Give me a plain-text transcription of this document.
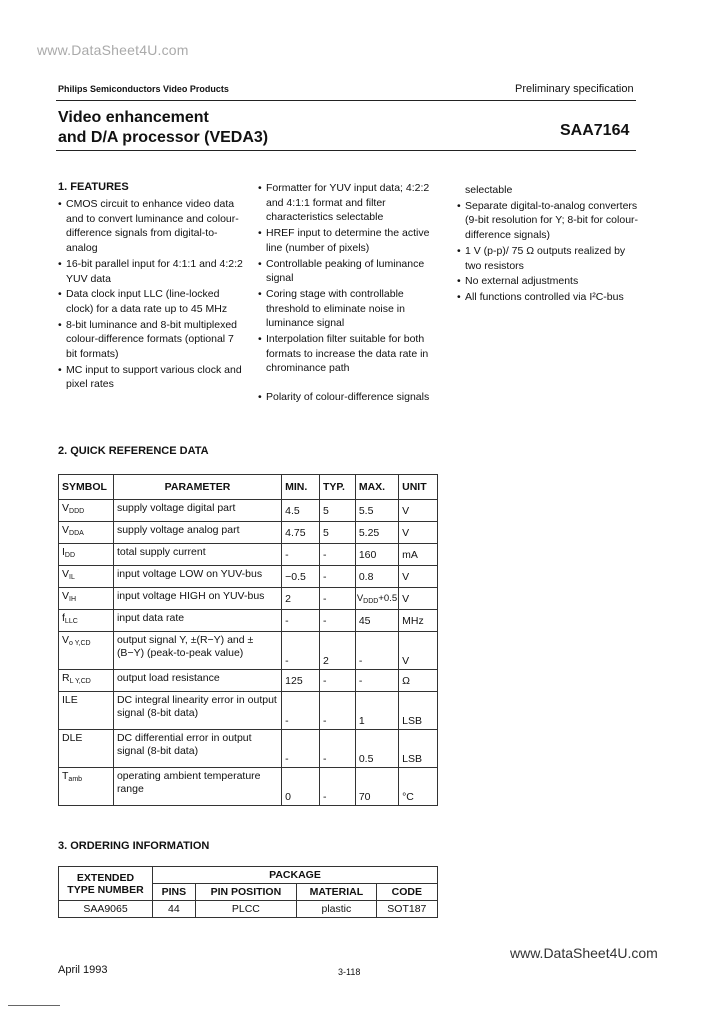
www.DataSheet4U.com
Philips Semiconductors Video Products	Preliminary specification
Video enhancement
and D/A processor (VEDA3)	SAA7164
1. FEATURES
• CMOS circuit to enhance video data and to convert luminance and colour-difference signals from digital-to-analog
• 16-bit parallel input for 4:1:1 and 4:2:2 YUV data
• Data clock input LLC (line-locked clock) for a data rate up to 45 MHz
• 8-bit luminance and 8-bit multiplexed colour-difference formats (optional 7 bit formats)
• MC input to support various clock and pixel rates
• Formatter for YUV input data; 4:2:2 and 4:1:1 format and filter characteristics selectable
• HREF input to determine the active line (number of pixels)
• Controllable peaking of luminance signal
• Coring stage with controllable threshold to eliminate noise in luminance signal
• Interpolation filter suitable for both formats to increase the data rate in chrominance path
• Polarity of colour-difference signals
selectable
• Separate digital-to-analog converters (9-bit resolution for Y; 8-bit for colour-difference signals)
• 1 V (p-p)/ 75 Ω outputs realized by two resistors
• No external adjustments
• All functions controlled via I²C-bus
2. QUICK REFERENCE DATA
SYMBOL	PARAMETER	MIN.	TYP.	MAX.	UNIT
$V_{DDD}$	supply voltage digital part	4.5	5	5.5	V
$V_{DDA}$	supply voltage analog part	4.75	5	5.25	V
$I_{DD}$	total supply current	-	-	160	mA
$V_{IL}$	input voltage LOW on YUV-bus	−0.5	-	0.8	V
$V_{IH}$	input voltage HIGH on YUV-bus	2	-	$V_{DDD}+0.5$	V
$f_{LLC}$	input data rate	-	-	45	MHz
$V_{o Y,CD}$	output signal Y, ±(R−Y) and ±(B−Y) (peak-to-peak value)	-	2	-	V
$R_{L Y,CD}$	output load resistance	125	-	-	Ω
ILE	DC integral linearity error in output signal (8-bit data)	-	-	1	LSB
DLE	DC differential error in output signal (8-bit data)	-	-	0.5	LSB
$T_{amb}$	operating ambient temperature range	0	-	70	°C
3. ORDERING INFORMATION
EXTENDED TYPE NUMBER	PACKAGE			
	PINS	PIN POSITION	MATERIAL	CODE
SAA9065	44	PLCC	plastic	SOT187
www.DataSheet4U.com
April 1993	3-118
